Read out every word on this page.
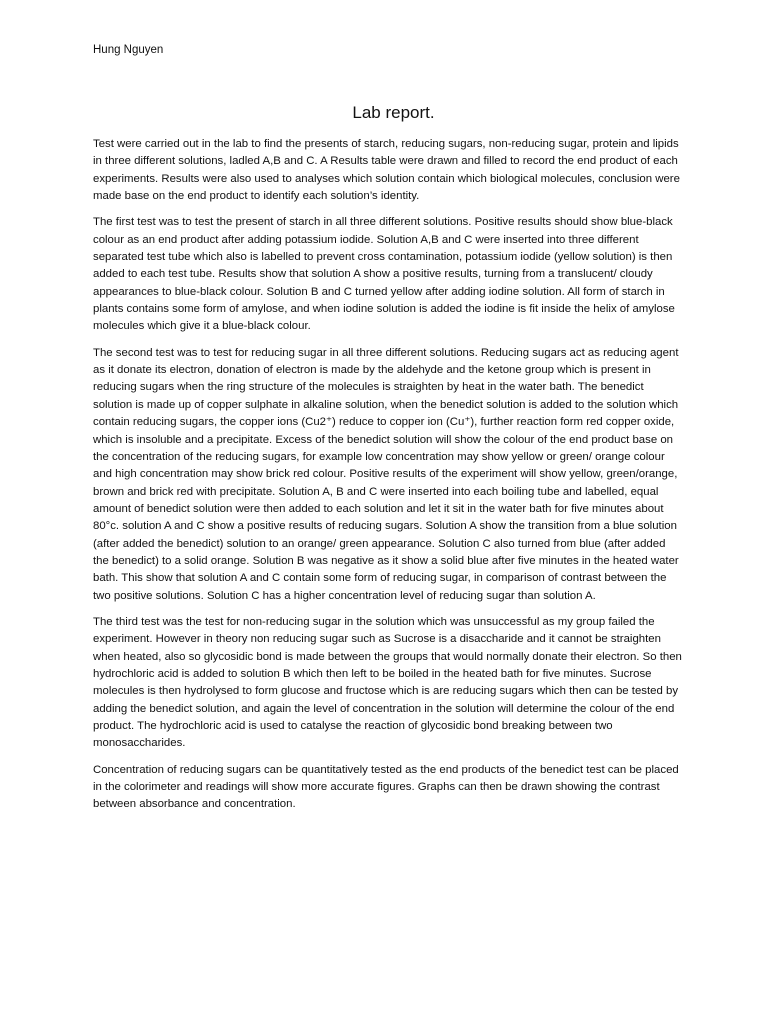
Hung Nguyen

Lab report.

Test were carried out in the lab to find the presents of starch, reducing sugars, non-reducing sugar, protein and lipids in three different solutions, ladled A,B and C. A Results table were drawn and filled to record the end product of each experiments. Results were also used to analyses which solution contain which biological molecules, conclusion were made base on the end product to identify each solution’s identity.

The first test was to test the present of starch in all three different solutions. Positive results should show blue-black colour as an end product after adding potassium iodide. Solution A,B and C were inserted into three different separated test tube which also is labelled to prevent cross contamination, potassium iodide (yellow solution) is then added to each test tube. Results show that solution A show a positive results, turning from a translucent/ cloudy appearances to blue-black colour. Solution B and C turned yellow after adding iodine solution. All form of starch in plants contains some form of amylose, and when iodine solution is added the iodine is fit inside the helix of amylose molecules which give it a blue-black colour.

The second test was to test for reducing sugar in all three different solutions. Reducing sugars act as reducing agent as it donate its electron, donation of electron is made by the aldehyde and the ketone group which is present in reducing sugars when the ring structure of the molecules is straighten by heat in the water bath. The benedict solution is made up of copper sulphate in alkaline solution, when the benedict solution is added to the solution which contain reducing sugars, the copper ions (Cu2⁺) reduce to copper ion (Cu⁺), further reaction form red copper oxide, which is insoluble and a precipitate. Excess of the benedict solution will show the colour of the end product base on the concentration of the reducing sugars, for example low concentration may show yellow or green/ orange colour and high concentration may show brick red colour. Positive results of the experiment will show yellow, green/orange, brown and brick red with precipitate. Solution A, B and C were inserted into each boiling tube and labelled, equal amount of benedict solution were then added to each solution and let it sit in the water bath for five minutes about 80°c. solution A and C show a positive results of reducing sugars. Solution A show the transition from a blue solution (after added the benedict) solution to an orange/ green appearance. Solution C also turned from blue (after added the benedict) to a solid orange. Solution B was negative as it show a solid blue after five minutes in the heated water bath. This show that solution A and C contain some form of reducing sugar, in comparison of contrast between the two positive solutions. Solution C has a higher concentration level of reducing sugar than solution A.

The third test was the test for non-reducing sugar in the solution which was unsuccessful as my group failed the experiment. However in theory non reducing sugar such as Sucrose is a disaccharide and it cannot be straighten when heated, also so glycosidic bond is made between the groups that would normally donate their electron. So then hydrochloric acid is added to solution B which then left to be boiled in the heated bath for five minutes. Sucrose molecules is then hydrolysed to form glucose and fructose which is are reducing sugars which then can be tested by adding the benedict solution, and again the level of concentration in the solution will determine the colour of the end product. The hydrochloric acid is used to catalyse the reaction of glycosidic bond breaking between two monosaccharides.

Concentration of reducing sugars can be quantitatively tested as the end products of the benedict test can be placed in the colorimeter and readings will show more accurate figures. Graphs can then be drawn showing the contrast between absorbance and concentration.
